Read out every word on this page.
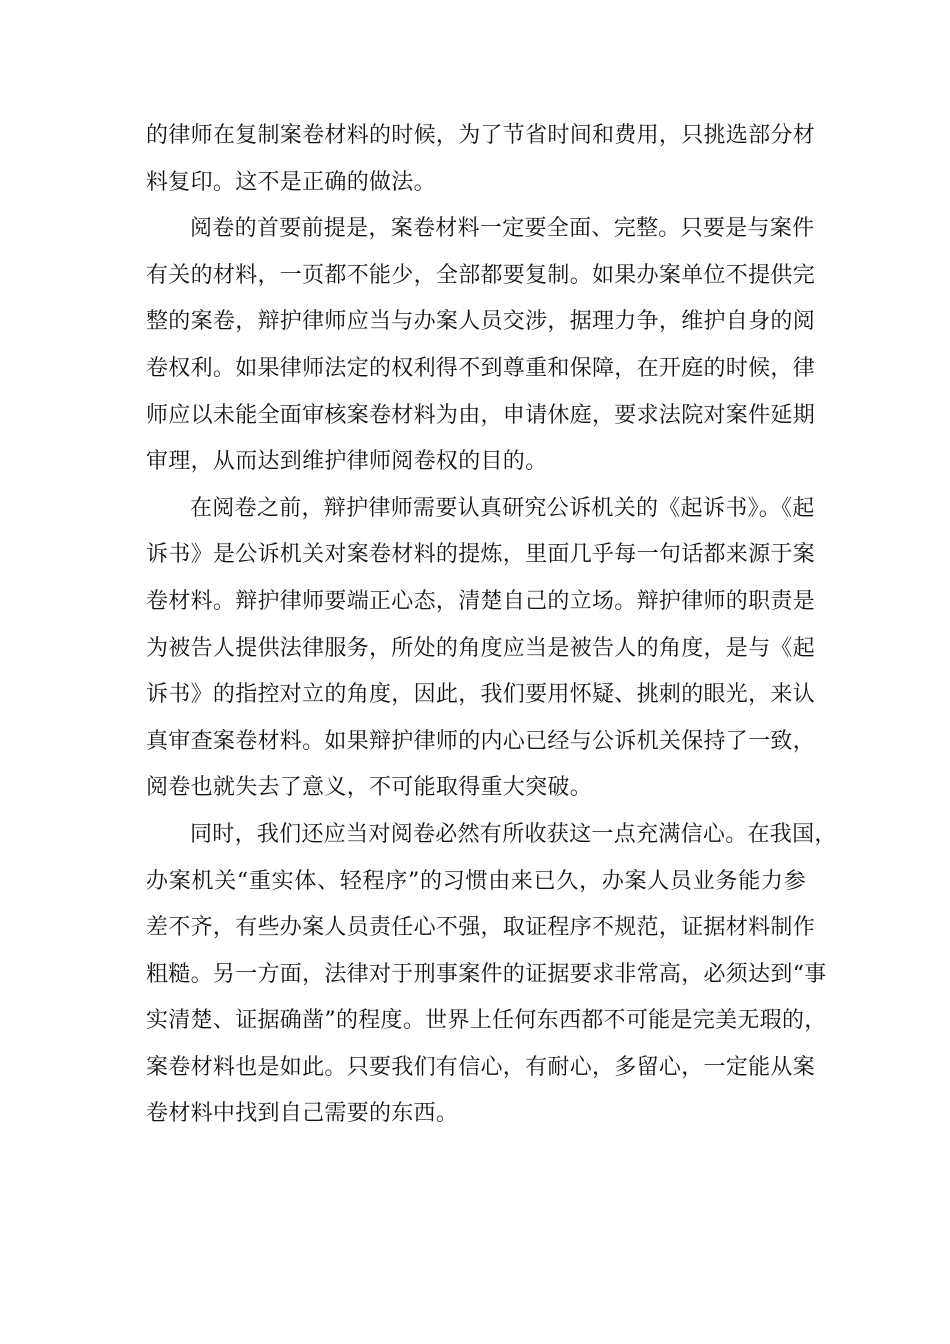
的律师在复制案卷材料的时候，为了节省时间和费用，只挑选部分材
料复印。这不是正确的做法。
阅卷的首要前提是，案卷材料一定要全面、完整。只要是与案件
有关的材料，一页都不能少，全部都要复制。如果办案单位不提供完
整的案卷，辩护律师应当与办案人员交涉，据理力争，维护自身的阅
卷权利。如果律师法定的权利得不到尊重和保障，在开庭的时候，律
师应以未能全面审核案卷材料为由，申请休庭，要求法院对案件延期
审理，从而达到维护律师阅卷权的目的。
在阅卷之前，辩护律师需要认真研究公诉机关的《起诉书》。《起
诉书》是公诉机关对案卷材料的提炼，里面几乎每一句话都来源于案
卷材料。辩护律师要端正心态，清楚自己的立场。辩护律师的职责是
为被告人提供法律服务，所处的角度应当是被告人的角度，是与《起
诉书》的指控对立的角度，因此，我们要用怀疑、挑刺的眼光，来认
真审查案卷材料。如果辩护律师的内心已经与公诉机关保持了一致，
阅卷也就失去了意义，不可能取得重大突破。
同时，我们还应当对阅卷必然有所收获这一点充满信心。在我国，
办案机关“重实体、轻程序”的习惯由来已久，办案人员业务能力参
差不齐，有些办案人员责任心不强，取证程序不规范，证据材料制作
粗糙。另一方面，法律对于刑事案件的证据要求非常高，必须达到“事
实清楚、证据确凿”的程度。世界上任何东西都不可能是完美无瑕的，
案卷材料也是如此。只要我们有信心，有耐心，多留心，一定能从案
卷材料中找到自己需要的东西。
